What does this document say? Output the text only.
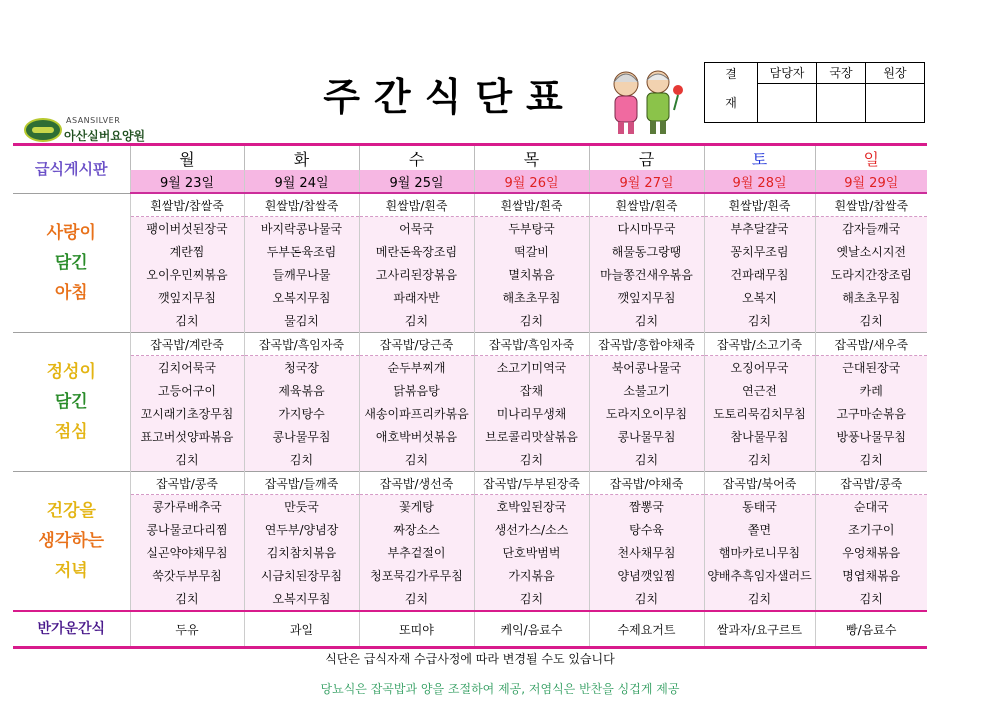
ASANSILVER
아산실버요양원
주간식단표
결	담당자	국장	원장
재			
급식게시판	월	화	수	목	금	토	일
	9월 23일	9월 24일	9월 25일	9월 26일	9월 27일	9월 28일	9월 29일

사랑이
담긴
아침	흰쌀밥/찹쌀죽	흰쌀밥/찹쌀죽	흰쌀밥/흰죽	흰쌀밥/흰죽	흰쌀밥/흰죽	흰쌀밥/흰죽	흰쌀밥/찹쌀죽
	팽이버섯된장국	바지락콩나물국	어묵국	두부탕국	다시마무국	부추달걀국	감자들깨국
	계란찜	두부돈육조림	메란돈육장조림	떡갈비	해물동그랑땡	꽁치무조림	옛날소시지전
	오이우민찌볶음	들깨무나물	고사리된장볶음	멸치볶음	마늘쫑건새우볶음	건파래무침	도라지간장조림
	깻잎지무침	오복지무침	파래자반	해초초무침	깻잎지무침	오복지	해초초무침
	김치	물김치	김치	김치	김치	김치	김치

정성이
담긴
점심	잡곡밥/계란죽	잡곡밥/흑임자죽	잡곡밥/당근죽	잡곡밥/흑임자죽	잡곡밥/흥합야채죽	잡곡밥/소고기죽	잡곡밥/새우죽
	김치어묵국	청국장	순두부찌개	소고기미역국	북어콩나물국	오징어무국	근대된장국
	고등어구이	제육볶음	닭볶음탕	잡채	소불고기	연근전	카레
	꼬시래기초장무침	가지탕수	새송이파프리카볶음	미나리무생채	도라지오이무침	도토리묵김치무침	고구마순볶음
	표고버섯양파볶음	콩나물무침	애호박버섯볶음	브로콜리맛살볶음	콩나물무침	참나물무침	방풍나물무침
	김치	김치	김치	김치	김치	김치	김치

건강을
생각하는
저녁	잡곡밥/콩죽	잡곡밥/들깨죽	잡곡밥/생선죽	잡곡밥/두부된장죽	잡곡밥/야채죽	잡곡밥/북어죽	잡곡밥/콩죽
	콩가루배추국	만둣국	꽃게탕	호박잎된장국	짬뽕국	동태국	순대국
	콩나물코다리찜	연두부/양념장	짜장소스	생선가스/소스	탕수육	쫄면	조기구이
	실곤약야채무침	김치참치볶음	부추겉절이	단호박범벅	천사채무침	햄마카로니무침	우엉채볶음
	쑥갓두부무침	시금치된장무침	청포묵김가루무침	가지볶음	양념깻잎찜	양배추흑임자샐러드	명엽채볶음
	김치	오복지무침	김치	김치	김치	김치	김치
반가운간식	두유	과일	또띠야	케익/음료수	수제요거트	쌀과자/요구르트	빵/음료수
식단은 급식자재 수급사정에 따라 변경될 수도 있습니다
당뇨식은 잡곡밥과 양을 조절하여 제공, 저염식은 반찬을 싱겁게 제공
